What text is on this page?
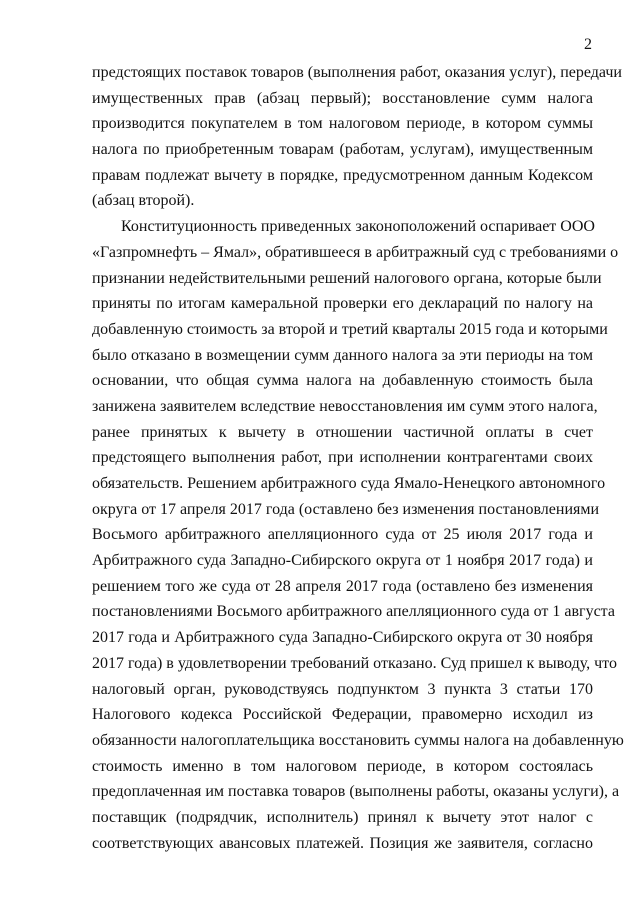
2
предстоящих поставок товаров (выполнения работ, оказания услуг), передачи
имущественных прав (абзац первый); восстановление сумм налога
производится покупателем в том налоговом периоде, в котором суммы
налога по приобретенным товарам (работам, услугам), имущественным
правам подлежат вычету в порядке, предусмотренном данным Кодексом
(абзац второй).
Конституционность приведенных законоположений оспаривает ООО
«Газпромнефть – Ямал», обратившееся в арбитражный суд с требованиями о
признании недействительными решений налогового органа, которые были
приняты по итогам камеральной проверки его деклараций по налогу на
добавленную стоимость за второй и третий кварталы 2015 года и которыми
было отказано в возмещении сумм данного налога за эти периоды на том
основании, что общая сумма налога на добавленную стоимость была
занижена заявителем вследствие невосстановления им сумм этого налога,
ранее принятых к вычету в отношении частичной оплаты в счет
предстоящего выполнения работ, при исполнении контрагентами своих
обязательств. Решением арбитражного суда Ямало-Ненецкого автономного
округа от 17 апреля 2017 года (оставлено без изменения постановлениями
Восьмого арбитражного апелляционного суда от 25 июля 2017 года и
Арбитражного суда Западно-Сибирского округа от 1 ноября 2017 года) и
решением того же суда от 28 апреля 2017 года (оставлено без изменения
постановлениями Восьмого арбитражного апелляционного суда от 1 августа
2017 года и Арбитражного суда Западно-Сибирского округа от 30 ноября
2017 года) в удовлетворении требований отказано. Суд пришел к выводу, что
налоговый орган, руководствуясь подпунктом 3 пункта 3 статьи 170
Налогового кодекса Российской Федерации, правомерно исходил из
обязанности налогоплательщика восстановить суммы налога на добавленную
стоимость именно в том налоговом периоде, в котором состоялась
предоплаченная им поставка товаров (выполнены работы, оказаны услуги), а
поставщик (подрядчик, исполнитель) принял к вычету этот налог с
соответствующих авансовых платежей. Позиция же заявителя, согласно
